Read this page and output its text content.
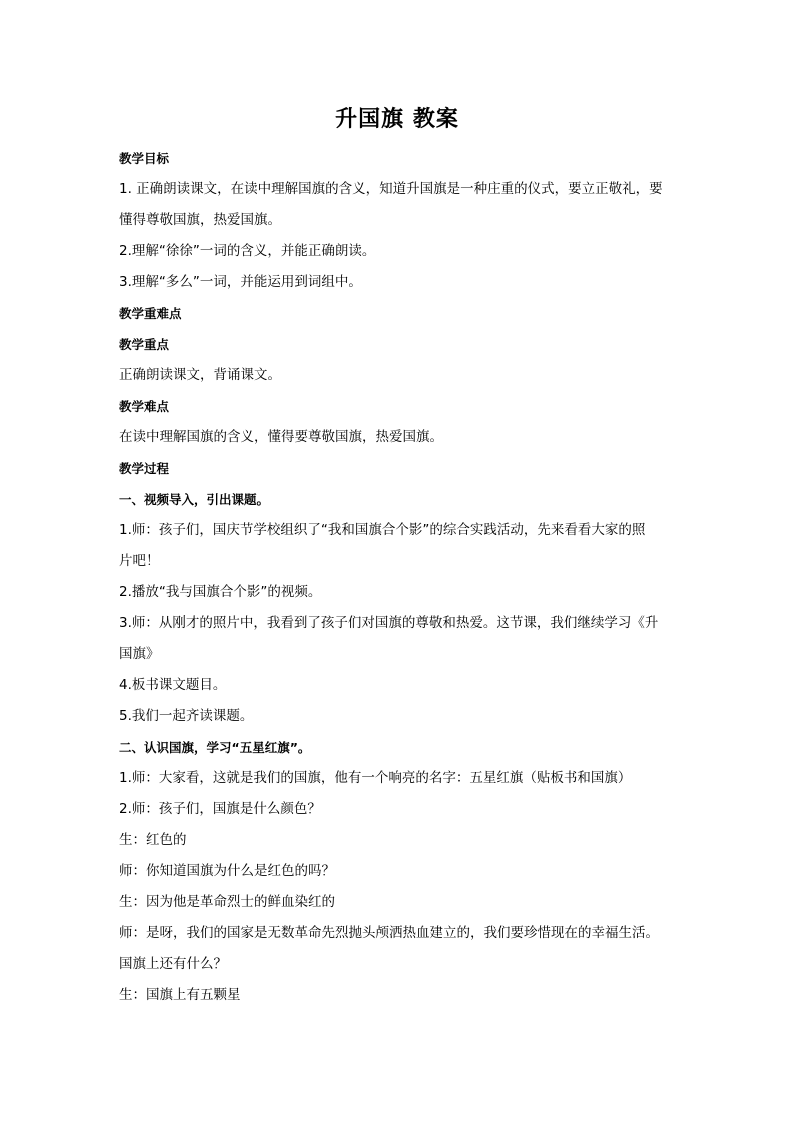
升国旗 教案

教学目标

1. 正确朗读课文，在读中理解国旗的含义，知道升国旗是一种庄重的仪式，要立正敬礼，要

懂得尊敬国旗，热爱国旗。

2.理解“徐徐”一词的含义，并能正确朗读。

3.理解“多么”一词，并能运用到词组中。

教学重难点

教学重点

正确朗读课文，背诵课文。

教学难点

在读中理解国旗的含义，懂得要尊敬国旗，热爱国旗。

教学过程

一、视频导入，引出课题。

1.师：孩子们，国庆节学校组织了“我和国旗合个影”的综合实践活动，先来看看大家的照

片吧！

2.播放“我与国旗合个影”的视频。

3.师：从刚才的照片中，我看到了孩子们对国旗的尊敬和热爱。这节课，我们继续学习《升

国旗》

4.板书课文题目。

5.我们一起齐读课题。

二、认识国旗，学习“五星红旗”。

1.师：大家看，这就是我们的国旗，他有一个响亮的名字：五星红旗（贴板书和国旗）

2.师：孩子们，国旗是什么颜色？

生：红色的

师：你知道国旗为什么是红色的吗？

生：因为他是革命烈士的鲜血染红的

师：是呀，我们的国家是无数革命先烈抛头颅洒热血建立的，我们要珍惜现在的幸福生活。

国旗上还有什么？

生：国旗上有五颗星
